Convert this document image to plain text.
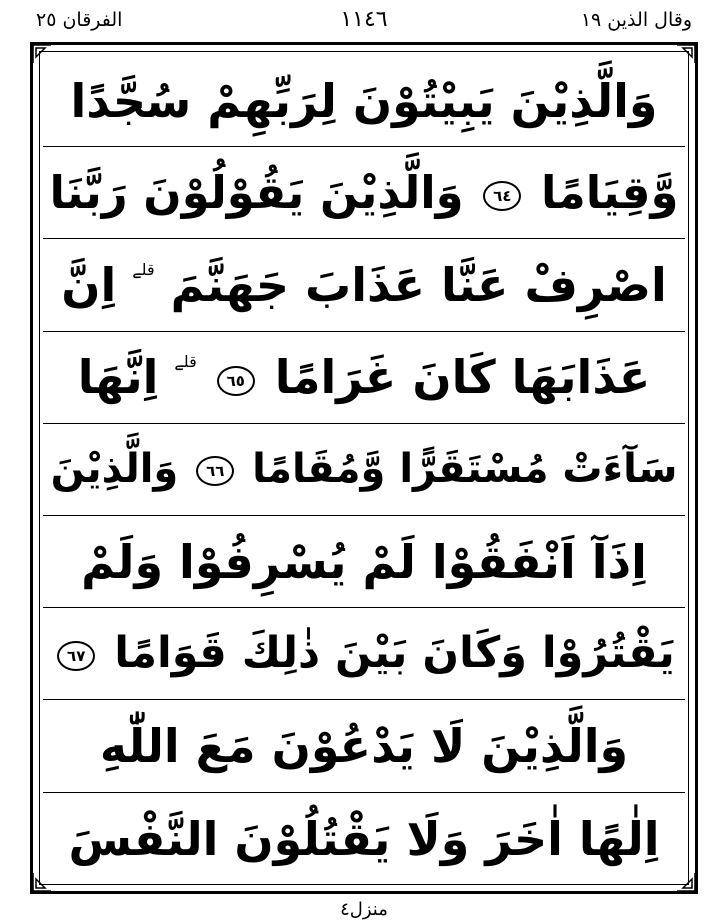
وقال الذين ١٩
١١٤٦
الفرقان ٢٥
وَالَّذِيْنَ يَبِيْتُوْنَ لِرَبِّهِمْ سُجَّدًا
وَّقِيَامًا ٦٤ وَالَّذِيْنَ يَقُوْلُوْنَ رَبَّنَا
اصْرِفْ عَنَّا عَذَابَ جَهَنَّمَ $^{قلے}$ اِنَّ
عَذَابَهَا كَانَ غَرَامًا ٦٥ $^{قلے}$ اِنَّهَا
سَآءَتْ مُسْتَقَرًّا وَّمُقَامًا ٦٦ وَالَّذِيْنَ
اِذَآ اَنْفَقُوْا لَمْ يُسْرِفُوْا وَلَمْ
يَقْتُرُوْا وَكَانَ بَيْنَ ذٰلِكَ قَوَامًا ٦٧
وَالَّذِيْنَ لَا يَدْعُوْنَ مَعَ اللّٰهِ
اِلٰهًا اٰخَرَ وَلَا يَقْتُلُوْنَ النَّفْسَ
منزل٤
